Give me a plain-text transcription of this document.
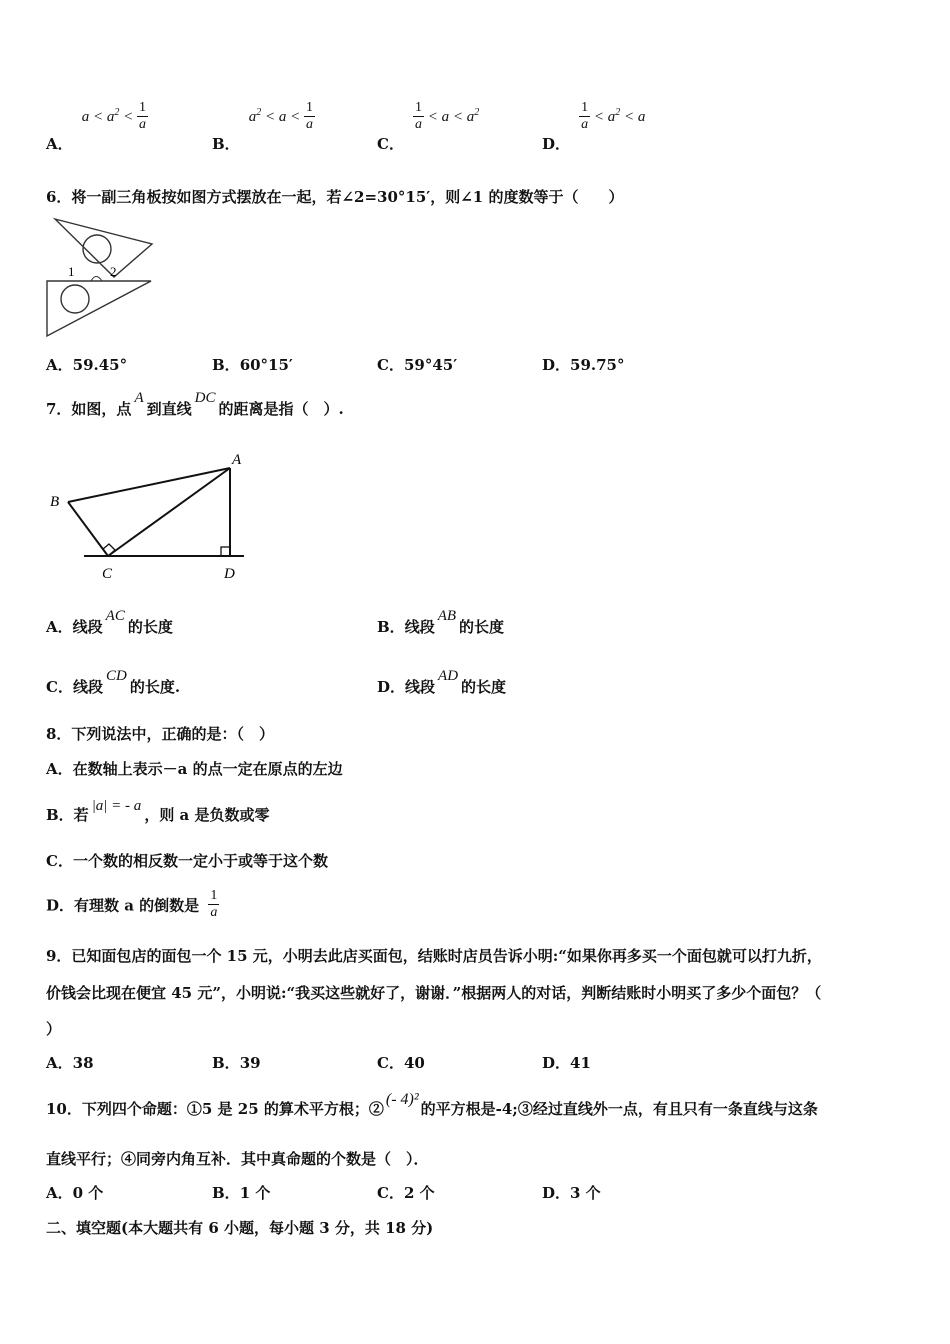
A． $a < a^2 < \frac{1}{a}$
B． $a^2 < a < \frac{1}{a}$
C．
$\frac{1}{a} < a < a^2$
D．
$\frac{1}{a} < a^2 < a$
6．将一副三角板按如图方式摆放在一起，若∠2=30°15′，则∠1 的度数等于（　　）
1	2
A．59.45°	B．60°15′	C．59°45′	D．59.75°
7．如图，点A到直线DC的距离是指（　）.
A
B
C	D
A．线段AC的长度	B．线段AB的长度
C．线段CD的长度.	D．线段AD的长度
8．下列说法中，正确的是：（　）
A．在数轴上表示－a 的点一定在原点的左边
B．若 |a| = - a ，则 a 是负数或零
C．一个数的相反数一定小于或等于这个数
D．有理数 a 的倒数是 $\frac{1}{a}$
9．已知面包店的面包一个 15 元，小明去此店买面包，结账时店员告诉小明:“如果你再多买一个面包就可以打九折，
价钱会比现在便宜 45 元”，小明说:“我买这些就好了，谢谢．”根据两人的对话，判断结账时小明买了多少个面包？（
）
A．38	B．39	C．40	D．41
10．下列四个命题：①5 是 25 的算术平方根；②(- 4)²的平方根是-4;③经过直线外一点，有且只有一条直线与这条
直线平行；④同旁内角互补．其中真命题的个数是（　）．
A．0 个	B．1 个	C．2 个	D．3 个
二、填空题(本大题共有 6 小题，每小题 3 分，共 18 分)
